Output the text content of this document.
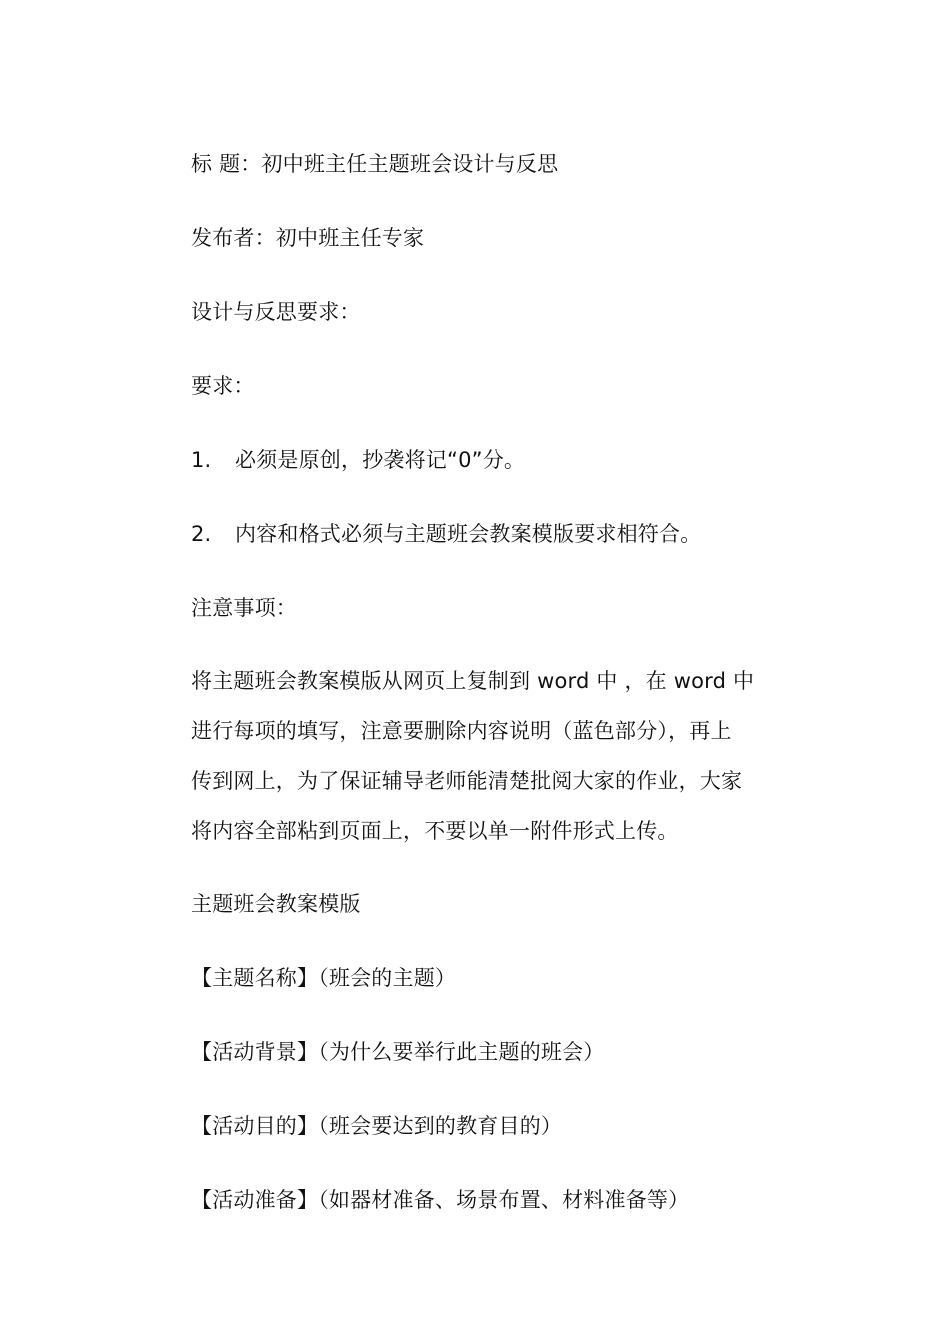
标 题：初中班主任主题班会设计与反思
发布者：初中班主任专家
设计与反思要求：
要求：
1. 必须是原创，抄袭将记“0”分。
2. 内容和格式必须与主题班会教案模版要求相符合。
注意事项：
将主题班会教案模版从网页上复制到 word 中 ，在 word 中
进行每项的填写，注意要删除内容说明（蓝色部分），再上
传到网上，为了保证辅导老师能清楚批阅大家的作业，大家
将内容全部粘到页面上，不要以单一附件形式上传。
主题班会教案模版
【主题名称】（班会的主题）
【活动背景】（为什么要举行此主题的班会）
【活动目的】（班会要达到的教育目的）
【活动准备】（如器材准备、场景布置、材料准备等）
